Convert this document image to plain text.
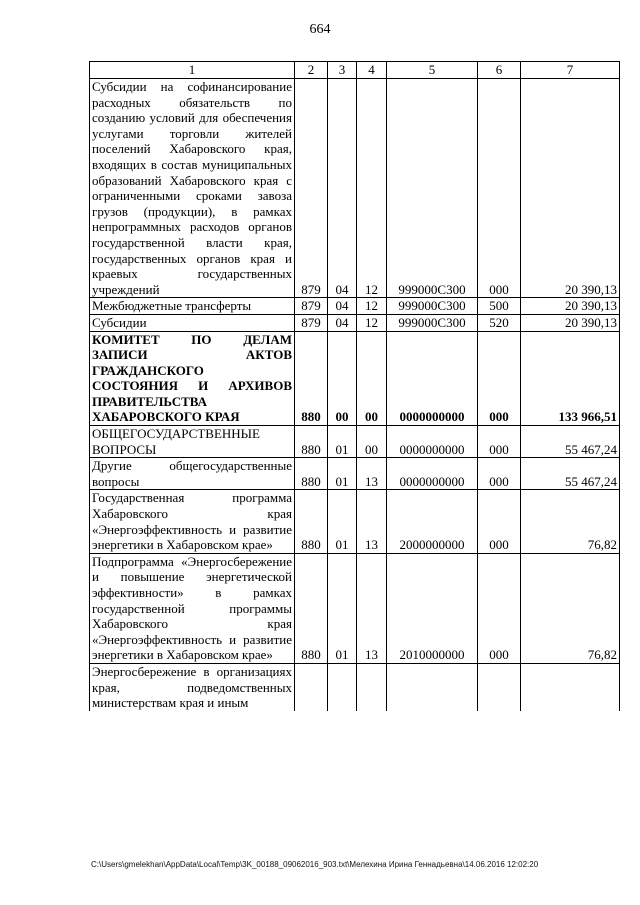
664
1	2	3	4	5	6	7
Субсидии на софинансирование расходных обязательств по созданию условий для обеспечения услугами торговли жителей поселений Хабаровского края, входящих в состав муниципальных образований Хабаровского края с ограниченными сроками завоза грузов (продукции), в рамках непрограммных расходов органов государственной власти края, государственных органов края и краевых государственных учреждений	879	04	12	999000С300	000	20 390,13
Межбюджетные трансферты	879	04	12	999000С300	500	20 390,13
Субсидии	879	04	12	999000С300	520	20 390,13
КОМИТЕТ ПО ДЕЛАМ ЗАПИСИ АКТОВ ГРАЖДАНСКОГО СОСТОЯНИЯ И АРХИВОВ ПРАВИТЕЛЬСТВА ХАБАРОВСКОГО КРАЯ	880	00	00	0000000000	000	133 966,51
ОБЩЕГОСУДАРСТВЕННЫЕ ВОПРОСЫ	880	01	00	0000000000	000	55 467,24
Другие общегосударственные вопросы	880	01	13	0000000000	000	55 467,24
Государственная программа Хабаровского края «Энергоэффективность и развитие энергетики в Хабаровском крае»	880	01	13	2000000000	000	76,82
Подпрограмма «Энергосбережение и повышение энергетической эффективности» в рамках государственной программы Хабаровского края «Энергоэффективность и развитие энергетики в Хабаровском крае»	880	01	13	2010000000	000	76,82
Энергосбережение в организациях края, подведомственных министерствам края и иным						
C:\Users\gmelekhan\AppData\Local\Temp\3K_00188_09062016_903.txt\Мелехина Ирина Геннадьевна\14.06.2016 12:02:20
